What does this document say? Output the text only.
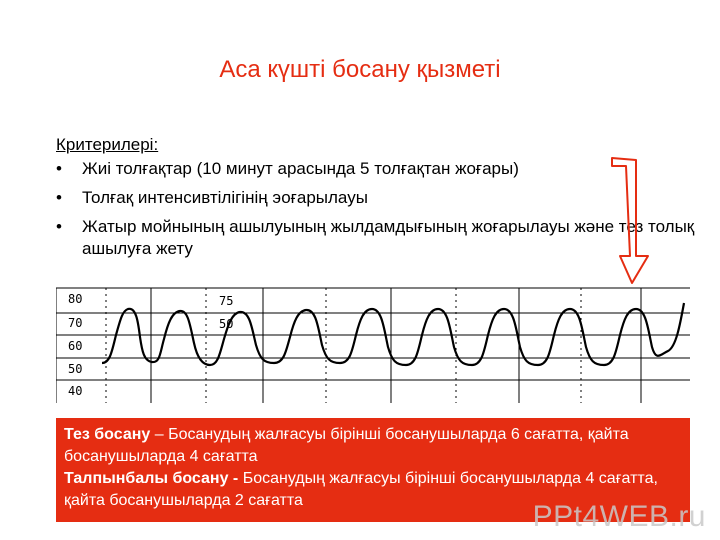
Аса күшті босану қызметі
Критерилері:
• Жиі толғақтар (10 минут арасында 5 толғақтан жоғары)
• Толғақ интенсивтілігінің эоғарылауы
• Жатыр мойнының ашылуының жылдамдығының жоғарылауы және тез толық ашылуға жету
80
70
60
50
40
75
50
Тез босану – Босанудың жалғасуы бірінші босанушыларда 6 сағатта, қайта босанушыларда 4 сағатта
Талпынбалы босану - Босанудың жалғасуы бірінші босанушыларда 4 сағатта, қайта босанушыларда 2 сағатта	PPt4WEB.ru
